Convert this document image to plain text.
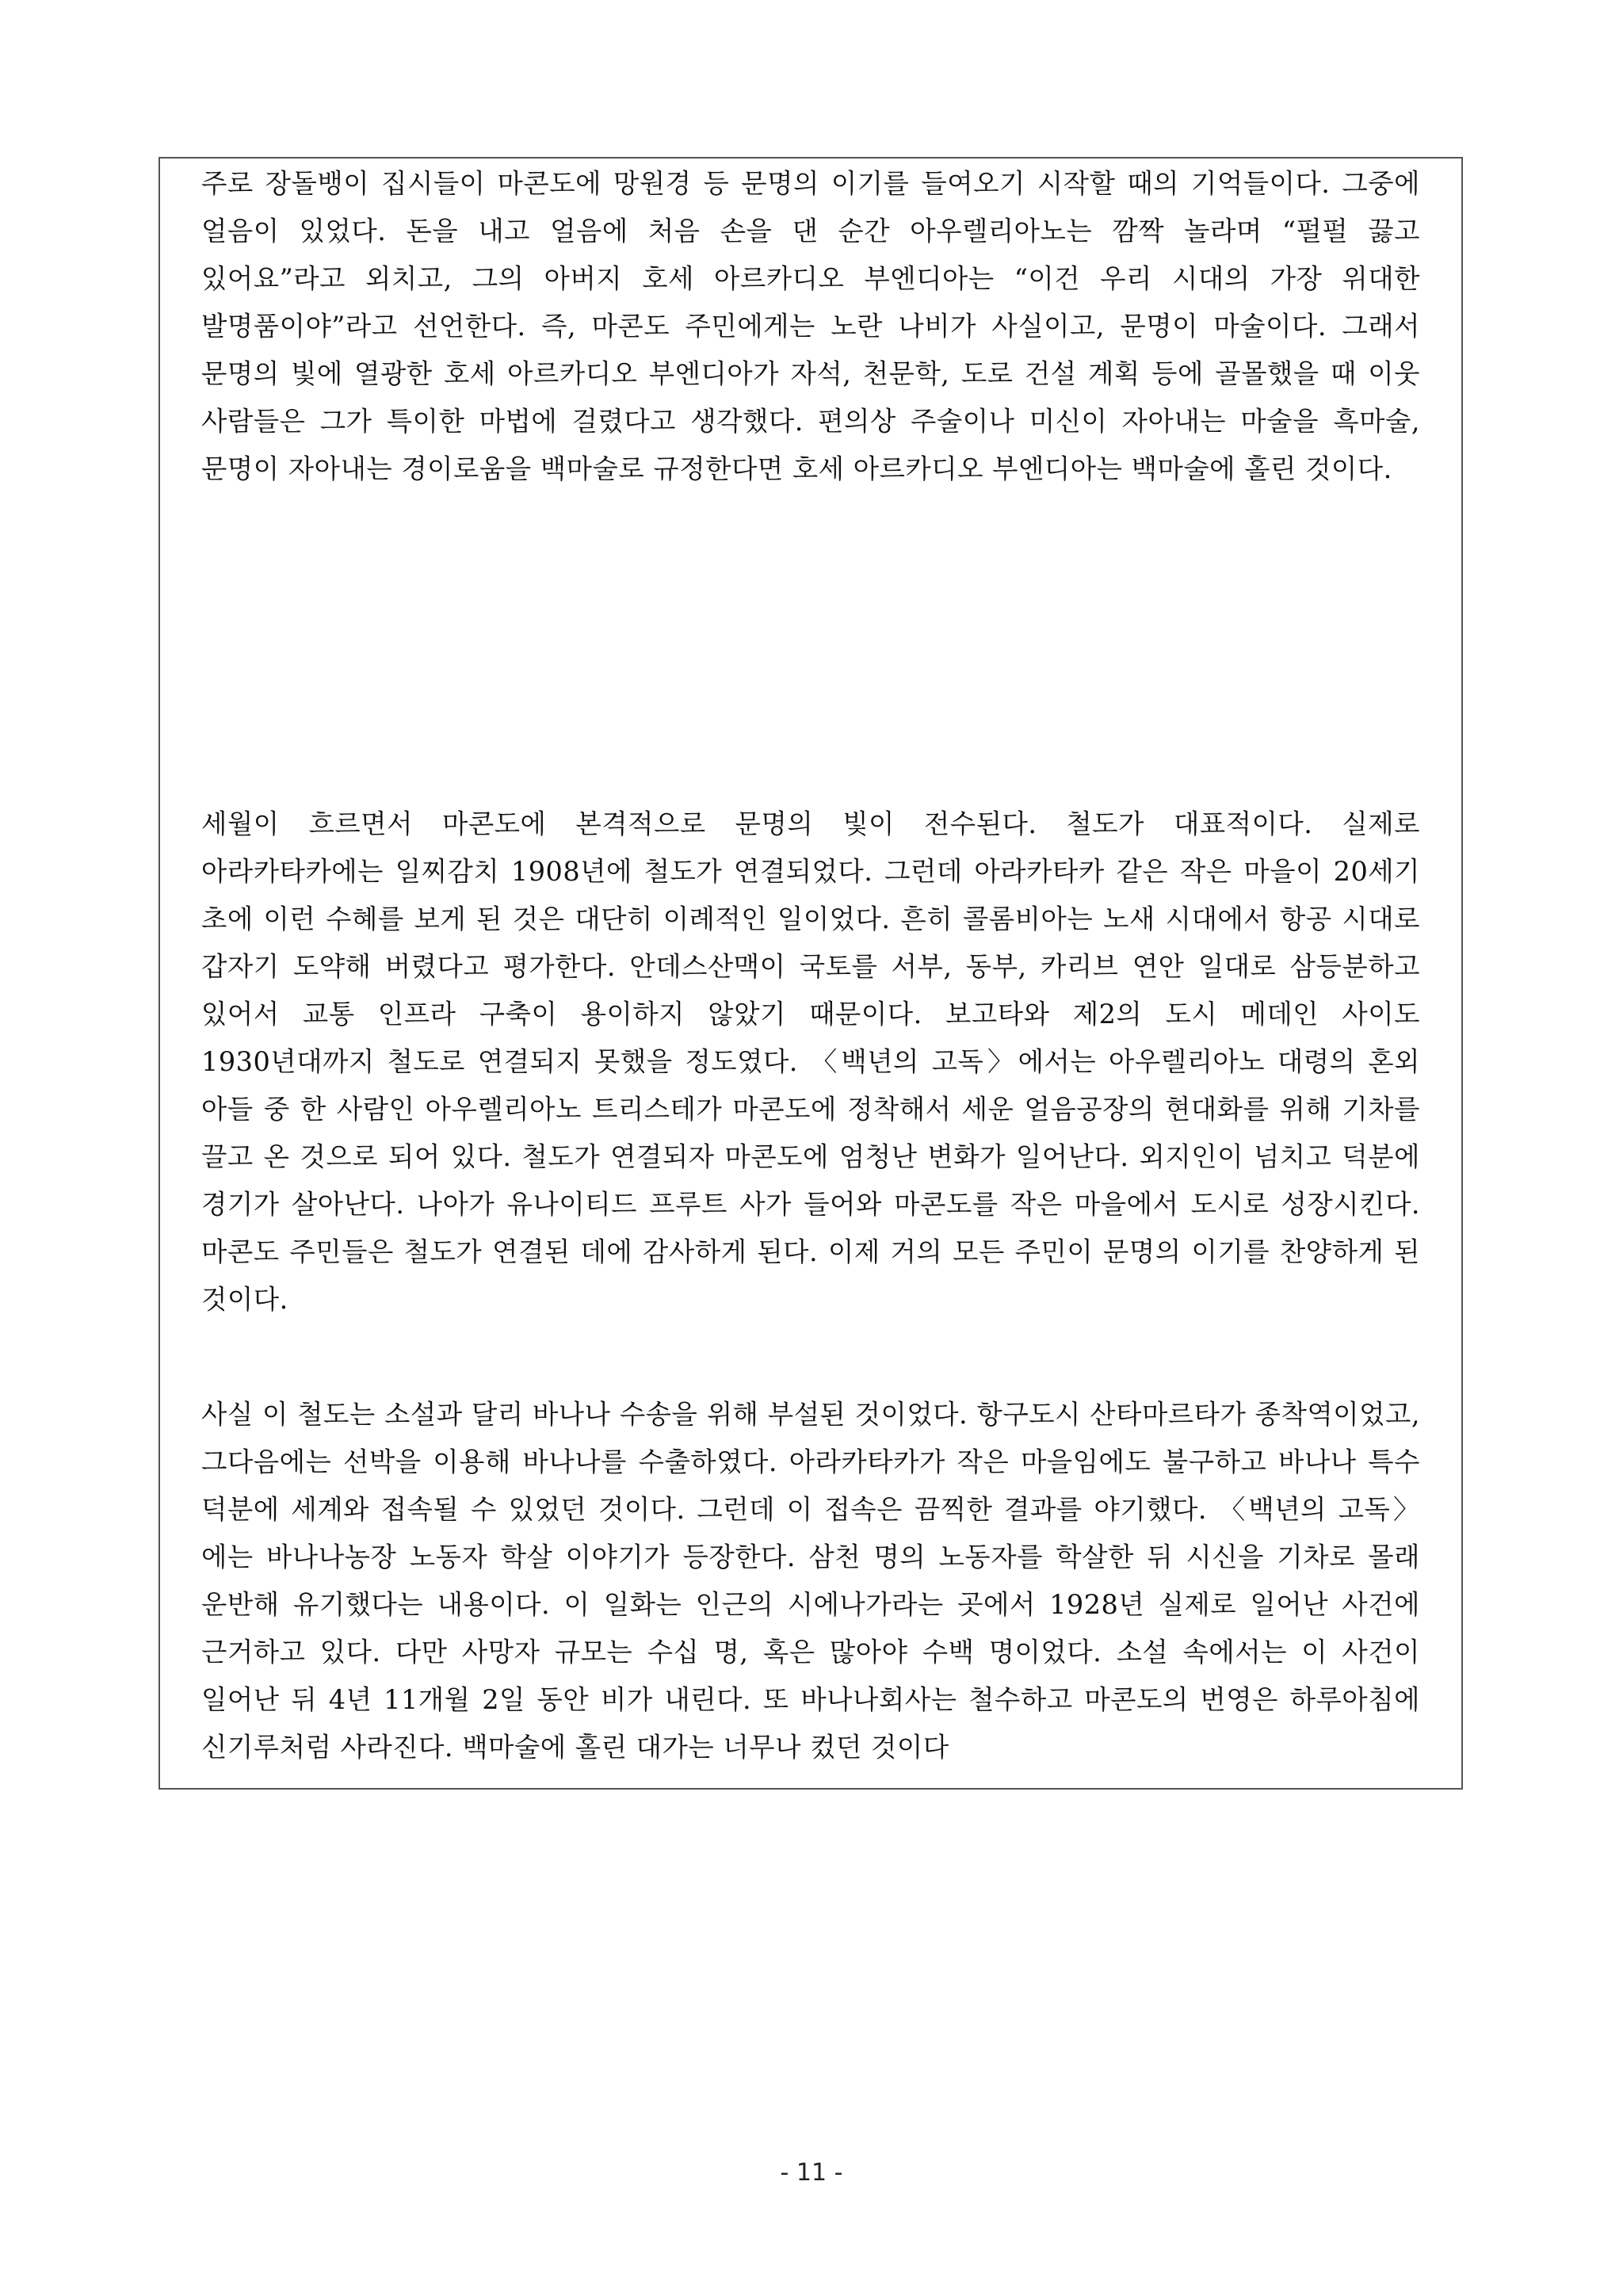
주로 장돌뱅이 집시들이 마콘도에 망원경 등 문명의 이기를 들여오기 시작할 때의 기억들이다. 그중에 얼음이 있었다. 돈을 내고 얼음에 처음 손을 댄 순간 아우렐리아노는 깜짝 놀라며 “펄펄 끓고 있어요”라고 외치고, 그의 아버지 호세 아르카디오 부엔디아는 “이건 우리 시대의 가장 위대한 발명품이야”라고 선언한다. 즉, 마콘도 주민에게는 노란 나비가 사실이고, 문명이 마술이다. 그래서 문명의 빛에 열광한 호세 아르카디오 부엔디아가 자석, 천문학, 도로 건설 계획 등에 골몰했을 때 이웃 사람들은 그가 특이한 마법에 걸렸다고 생각했다. 편의상 주술이나 미신이 자아내는 마술을 흑마술, 문명이 자아내는 경이로움을 백마술로 규정한다면 호세 아르카디오 부엔디아는 백마술에 홀린 것이다.

세월이 흐르면서 마콘도에 본격적으로 문명의 빛이 전수된다. 철도가 대표적이다. 실제로 아라카타카에는 일찌감치 1908년에 철도가 연결되었다. 그런데 아라카타카 같은 작은 마을이 20세기 초에 이런 수혜를 보게 된 것은 대단히 이례적인 일이었다. 흔히 콜롬비아는 노새 시대에서 항공 시대로 갑자기 도약해 버렸다고 평가한다. 안데스산맥이 국토를 서부, 동부, 카리브 연안 일대로 삼등분하고 있어서 교통 인프라 구축이 용이하지 않았기 때문이다. 보고타와 제2의 도시 메데인 사이도 1930년대까지 철도로 연결되지 못했을 정도였다. 〈백년의 고독〉에서는 아우렐리아노 대령의 혼외 아들 중 한 사람인 아우렐리아노 트리스테가 마콘도에 정착해서 세운 얼음공장의 현대화를 위해 기차를 끌고 온 것으로 되어 있다. 철도가 연결되자 마콘도에 엄청난 변화가 일어난다. 외지인이 넘치고 덕분에 경기가 살아난다. 나아가 유나이티드 프루트 사가 들어와 마콘도를 작은 마을에서 도시로 성장시킨다. 마콘도 주민들은 철도가 연결된 데에 감사하게 된다. 이제 거의 모든 주민이 문명의 이기를 찬양하게 된 것이다.

사실 이 철도는 소설과 달리 바나나 수송을 위해 부설된 것이었다. 항구도시 산타마르타가 종착역이었고, 그다음에는 선박을 이용해 바나나를 수출하였다. 아라카타카가 작은 마을임에도 불구하고 바나나 특수 덕분에 세계와 접속될 수 있었던 것이다. 그런데 이 접속은 끔찍한 결과를 야기했다. 〈백년의 고독〉에는 바나나농장 노동자 학살 이야기가 등장한다. 삼천 명의 노동자를 학살한 뒤 시신을 기차로 몰래 운반해 유기했다는 내용이다. 이 일화는 인근의 시에나가라는 곳에서 1928년 실제로 일어난 사건에 근거하고 있다. 다만 사망자 규모는 수십 명, 혹은 많아야 수백 명이었다. 소설 속에서는 이 사건이 일어난 뒤 4년 11개월 2일 동안 비가 내린다. 또 바나나회사는 철수하고 마콘도의 번영은 하루아침에 신기루처럼 사라진다. 백마술에 홀린 대가는 너무나 컸던 것이다

- 11 -
